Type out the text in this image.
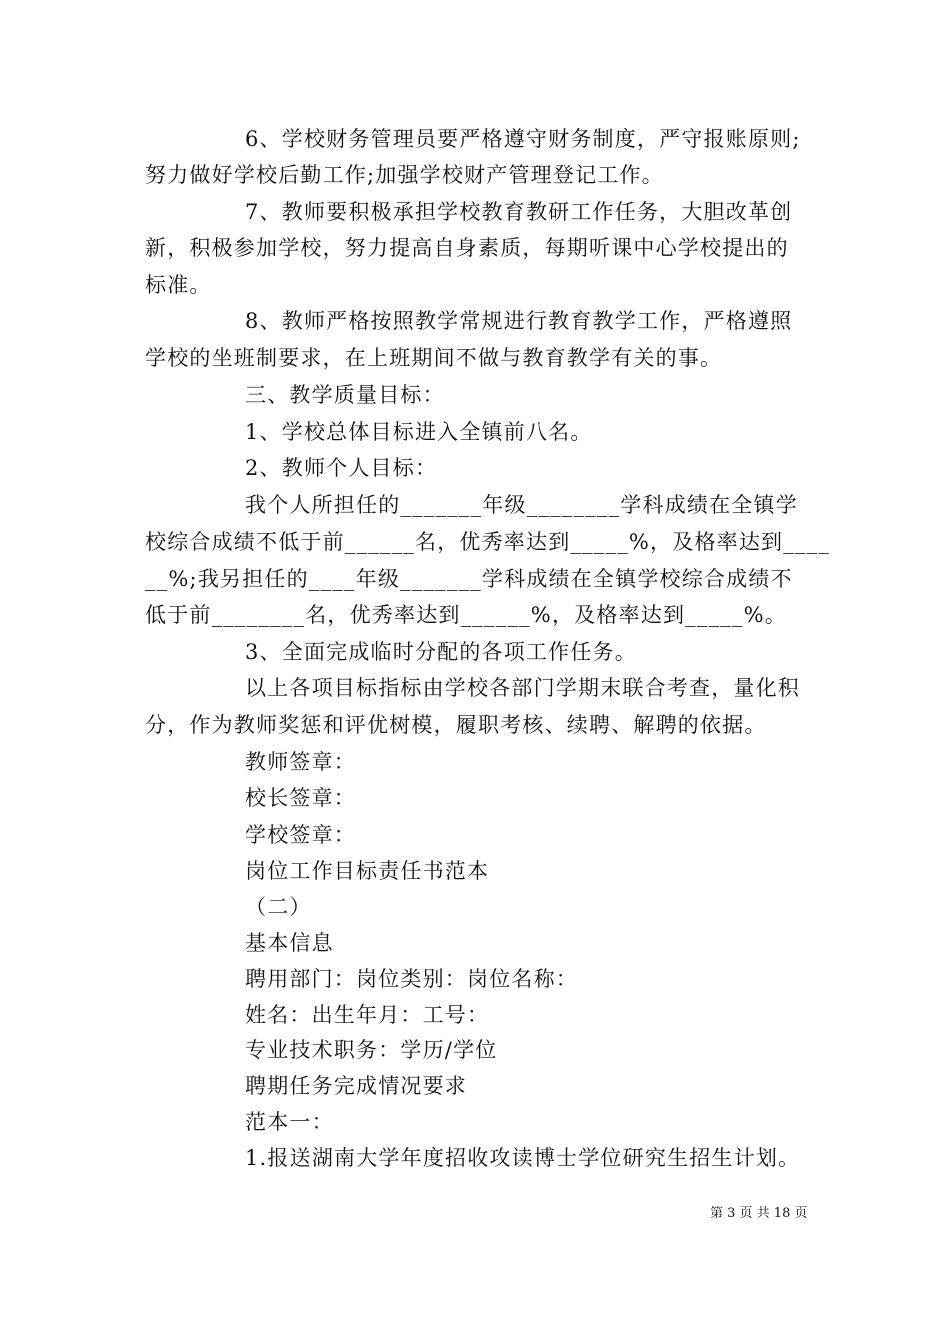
6、学校财务管理员要严格遵守财务制度，严守报账原则;
努力做好学校后勤工作;加强学校财产管理登记工作。
7、教师要积极承担学校教育教研工作任务，大胆改革创
新，积极参加学校，努力提高自身素质，每期听课中心学校提出的
标准。
8、教师严格按照教学常规进行教育教学工作，严格遵照
学校的坐班制要求，在上班期间不做与教育教学有关的事。
三、教学质量目标：
1、学校总体目标进入全镇前八名。
2、教师个人目标：
我个人所担任的_______年级________学科成绩在全镇学
校综合成绩不低于前______名，优秀率达到_____%，及格率达到____
__%;我另担任的____年级_______学科成绩在全镇学校综合成绩不
低于前________名，优秀率达到______%，及格率达到_____%。
3、全面完成临时分配的各项工作任务。
以上各项目标指标由学校各部门学期末联合考查，量化积
分，作为教师奖惩和评优树模，履职考核、续聘、解聘的依据。
教师签章：
校长签章：
学校签章：
岗位工作目标责任书范本
（二）
基本信息
聘用部门：岗位类别：岗位名称：
姓名：出生年月：工号：
专业技术职务：学历/学位
聘期任务完成情况要求
范本一：
1.报送湖南大学年度招收攻读博士学位研究生招生计划。
第 3 页 共 18 页
